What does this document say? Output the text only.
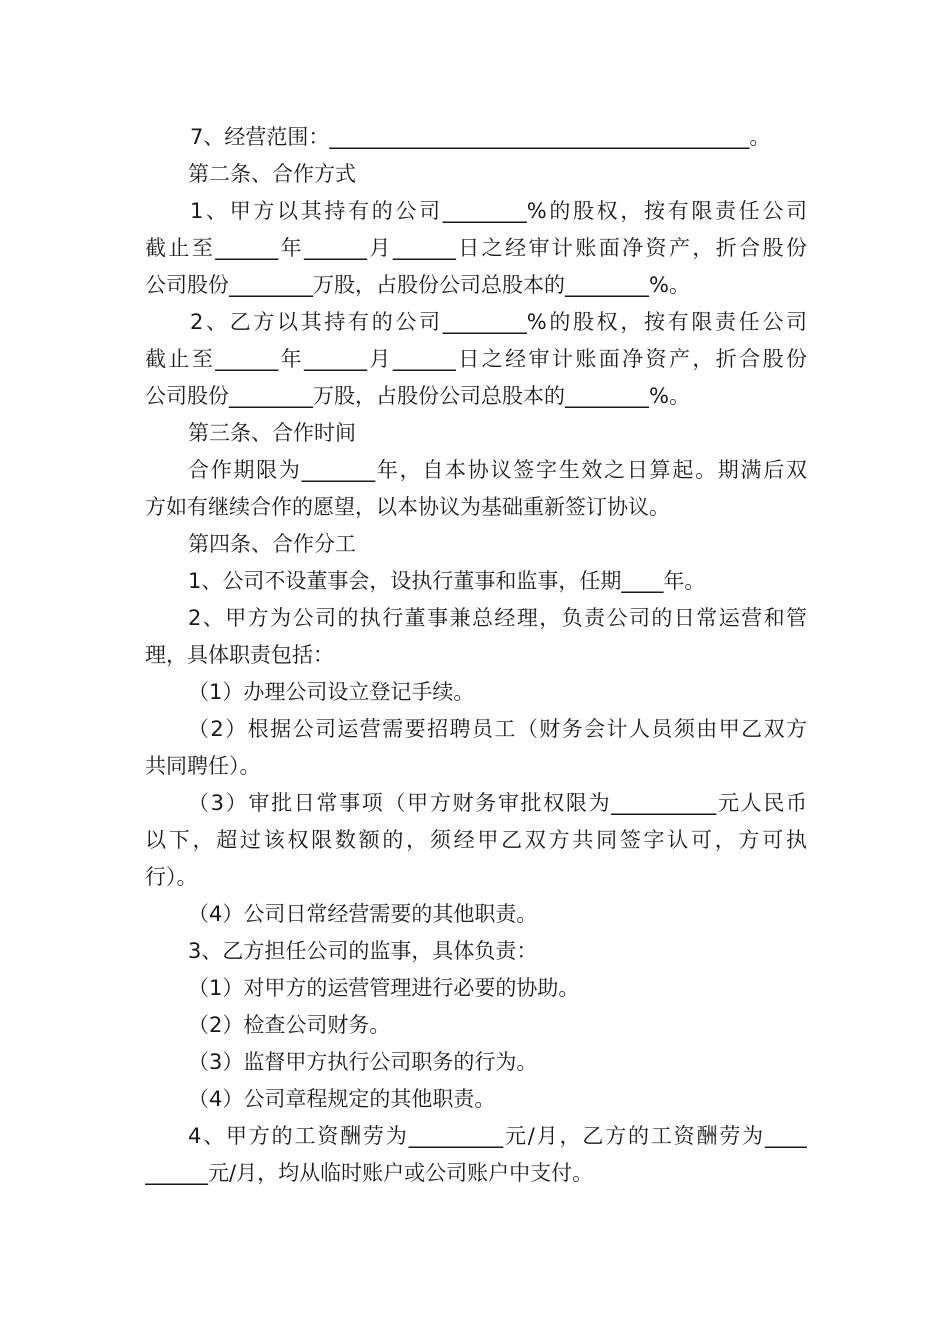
7、经营范围：________________________________________。
第二条、合作方式
1、甲方以其持有的公司________%的股权，按有限责任公司
截止至______年______月______日之经审计账面净资产，折合股份
公司股份________万股，占股份公司总股本的________%。
2、乙方以其持有的公司________%的股权，按有限责任公司
截止至______年______月______日之经审计账面净资产，折合股份
公司股份________万股，占股份公司总股本的________%。
第三条、合作时间
合作期限为_______年，自本协议签字生效之日算起。期满后双
方如有继续合作的愿望，以本协议为基础重新签订协议。
第四条、合作分工
1、公司不设董事会，设执行董事和监事，任期____年。
2、甲方为公司的执行董事兼总经理，负责公司的日常运营和管
理，具体职责包括：
（1）办理公司设立登记手续。
（2）根据公司运营需要招聘员工（财务会计人员须由甲乙双方
共同聘任）。
（3）审批日常事项（甲方财务审批权限为__________元人民币
以下，超过该权限数额的，须经甲乙双方共同签字认可，方可执
行）。
（4）公司日常经营需要的其他职责。
3、乙方担任公司的监事，具体负责：
（1）对甲方的运营管理进行必要的协助。
（2）检查公司财务。
（3）监督甲方执行公司职务的行为。
（4）公司章程规定的其他职责。
4、甲方的工资酬劳为_________元/月，乙方的工资酬劳为____
______元/月，均从临时账户或公司账户中支付。
